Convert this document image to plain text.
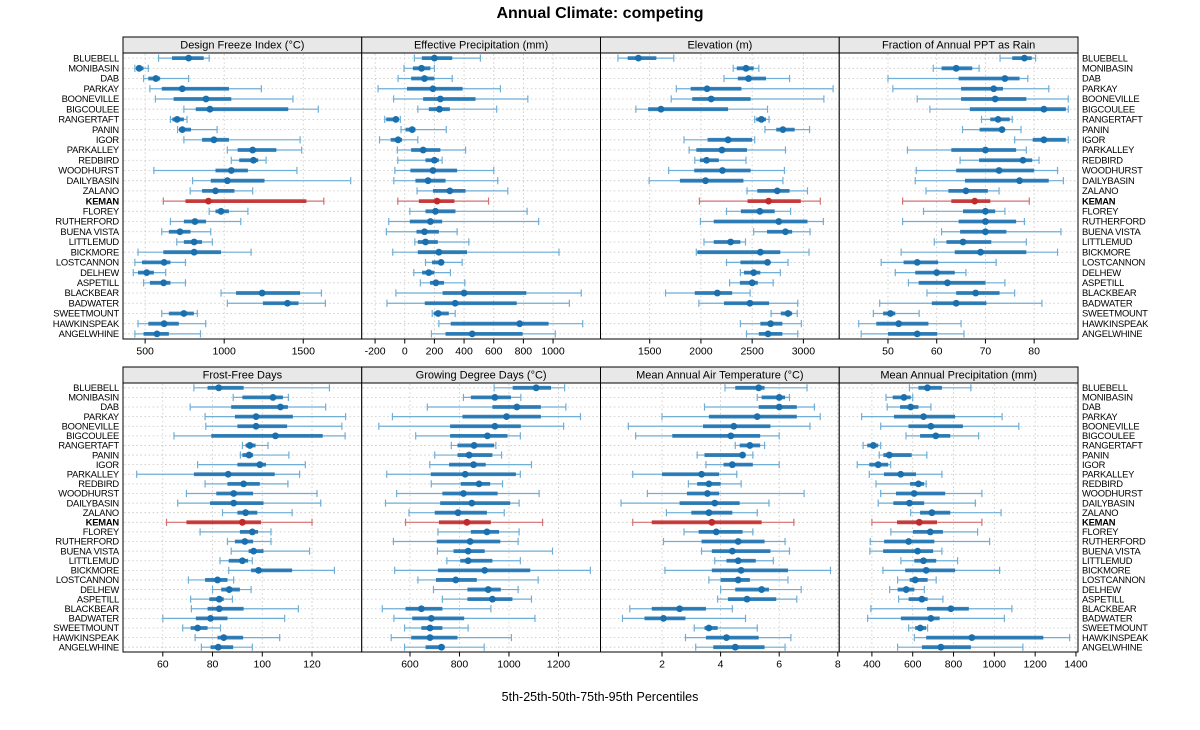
Annual Climate: competing
BLUEBELL	BLUEBELL
MONIBASIN	MONIBASIN
DAB	DAB
PARKAY	PARKAY
BOONEVILLE	BOONEVILLE
BIGCOULEE	BIGCOULEE
RANGERTAFT	RANGERTAFT
PANIN	PANIN
IGOR	IGOR
PARKALLEY	PARKALLEY
REDBIRD	REDBIRD
WOODHURST	WOODHURST
DAILYBASIN	DAILYBASIN
ZALANO	ZALANO
KEMAN	KEMAN
FLOREY	FLOREY
RUTHERFORD	RUTHERFORD
BUENA VISTA	BUENA VISTA
LITTLEMUD	LITTLEMUD
BICKMORE	BICKMORE
LOSTCANNON	LOSTCANNON
DELHEW	DELHEW
ASPETILL	ASPETILL
BLACKBEAR	BLACKBEAR
BADWATER	BADWATER
SWEETMOUNT	SWEETMOUNT
HAWKINSPEAK	HAWKINSPEAK
ANGELWHINE	ANGELWHINE
500	1000	1500
Design Freeze Index (°C)
-200 0 200 400 600 800 1000
Effective Precipitation (mm)
1500	2000	2500	3000
Elevation (m)
50	60	70	80
Fraction of Annual PPT as Rain
BLUEBELL	BLUEBELL
MONIBASIN	MONIBASIN
DAB	DAB
PARKAY	PARKAY
BOONEVILLE	BOONEVILLE
BIGCOULEE	BIGCOULEE
RANGERTAFT	RANGERTAFT
PANIN	PANIN
IGOR	IGOR
PARKALLEY	PARKALLEY
REDBIRD	REDBIRD
WOODHURST	WOODHURST
DAILYBASIN	DAILYBASIN
ZALANO	ZALANO
KEMAN	KEMAN
FLOREY	FLOREY
RUTHERFORD	RUTHERFORD
BUENA VISTA	BUENA VISTA
LITTLEMUD	LITTLEMUD
BICKMORE	BICKMORE
LOSTCANNON	LOSTCANNON
DELHEW	DELHEW
ASPETILL	ASPETILL
BLACKBEAR	BLACKBEAR
BADWATER	BADWATER
SWEETMOUNT	SWEETMOUNT
HAWKINSPEAK	HAWKINSPEAK
ANGELWHINE	ANGELWHINE
60	80	100	120
Frost-Free Days
600	800	1000 1200
Growing Degree Days (°C)
2	4	6	8
Mean Annual Air Temperature (°C)
400 600 800 1000 1200 1400
Mean Annual Precipitation (mm)
5th-25th-50th-75th-95th Percentiles
